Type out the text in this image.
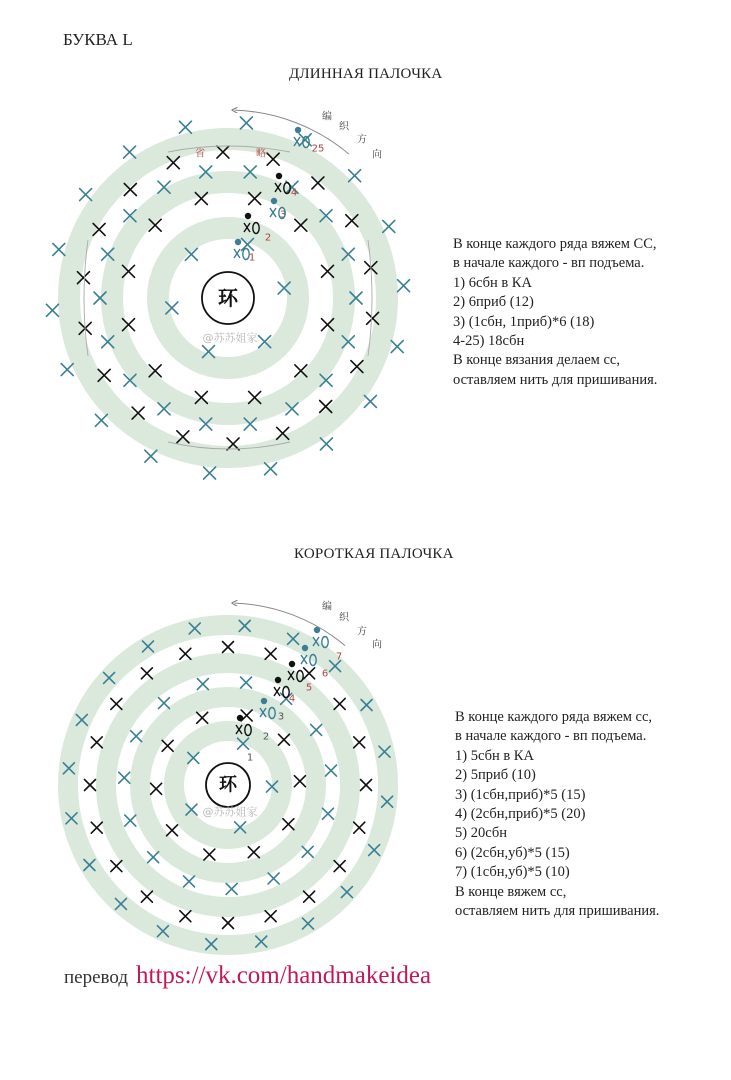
БУКВА L
ДЛИННАЯ ПАЛОЧКА
КОРОТКАЯ ПАЛОЧКА
环
1
2
3
4
25
编
织
方
向
省	略
@苏苏姐家
环
1
2
3
4
5
6
7
编
织
方
向
@苏苏姐家
В конце каждого ряда вяжем СС,
в начале каждого - вп подъема.
1) 6сбн в КА
2) 6приб (12)
3) (1сбн, 1приб)*6 (18)
4-25) 18сбн
В конце вязания делаем сс,
оставляем нить для пришивания.
В конце каждого ряда вяжем сс,
в начале каждого - вп подъема.
1) 5сбн в КА
2) 5приб (10)
3) (1сбн,приб)*5 (15)
4) (2сбн,приб)*5 (20)
5) 20сбн
6) (2сбн,уб)*5 (15)
7) (1сбн,уб)*5 (10)
В конце вяжем сс,
оставляем нить для пришивания.
перевод https://vk.com/handmakeidea
